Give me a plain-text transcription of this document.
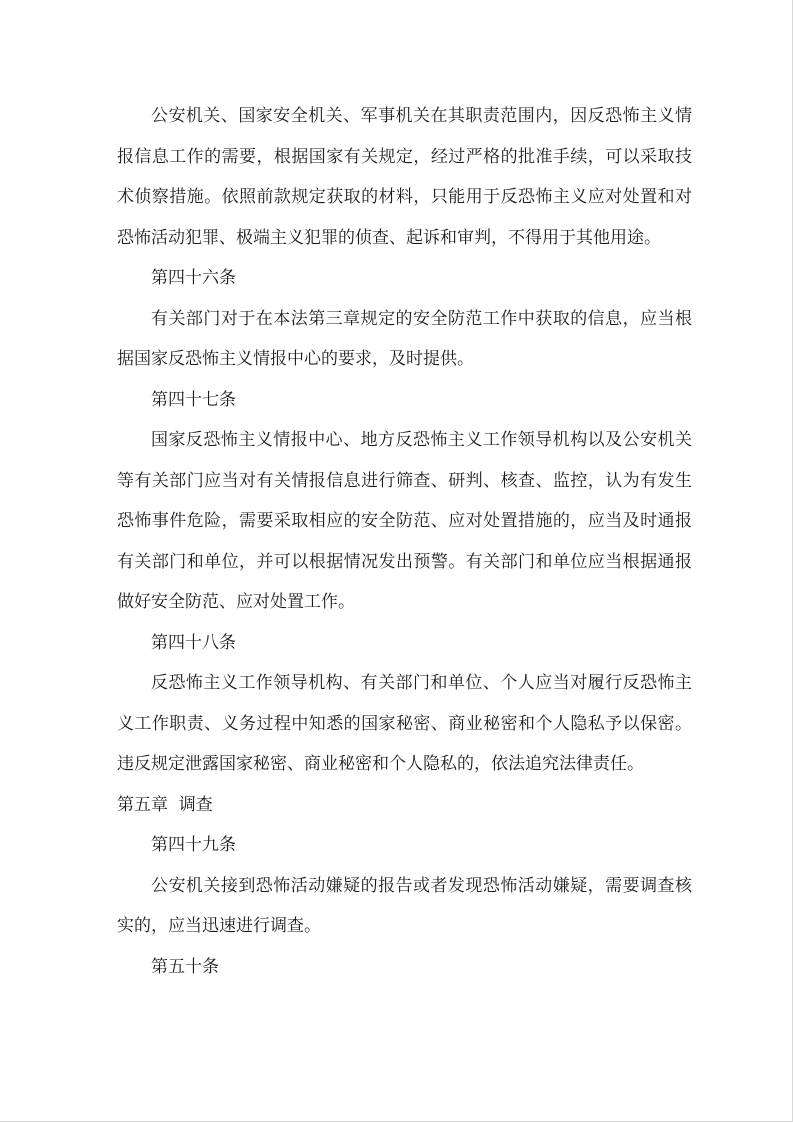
公安机关、国家安全机关、军事机关在其职责范围内，因反恐怖主义情报信息工作的需要，根据国家有关规定，经过严格的批准手续，可以采取技术侦察措施。依照前款规定获取的材料，只能用于反恐怖主义应对处置和对恐怖活动犯罪、极端主义犯罪的侦查、起诉和审判，不得用于其他用途。

第四十六条

有关部门对于在本法第三章规定的安全防范工作中获取的信息，应当根据国家反恐怖主义情报中心的要求，及时提供。

第四十七条

国家反恐怖主义情报中心、地方反恐怖主义工作领导机构以及公安机关等有关部门应当对有关情报信息进行筛查、研判、核查、监控，认为有发生恐怖事件危险，需要采取相应的安全防范、应对处置措施的，应当及时通报有关部门和单位，并可以根据情况发出预警。有关部门和单位应当根据通报做好安全防范、应对处置工作。

第四十八条

反恐怖主义工作领导机构、有关部门和单位、个人应当对履行反恐怖主义工作职责、义务过程中知悉的国家秘密、商业秘密和个人隐私予以保密。违反规定泄露国家秘密、商业秘密和个人隐私的，依法追究法律责任。

第五章  调查

第四十九条

公安机关接到恐怖活动嫌疑的报告或者发现恐怖活动嫌疑，需要调查核实的，应当迅速进行调查。

第五十条
